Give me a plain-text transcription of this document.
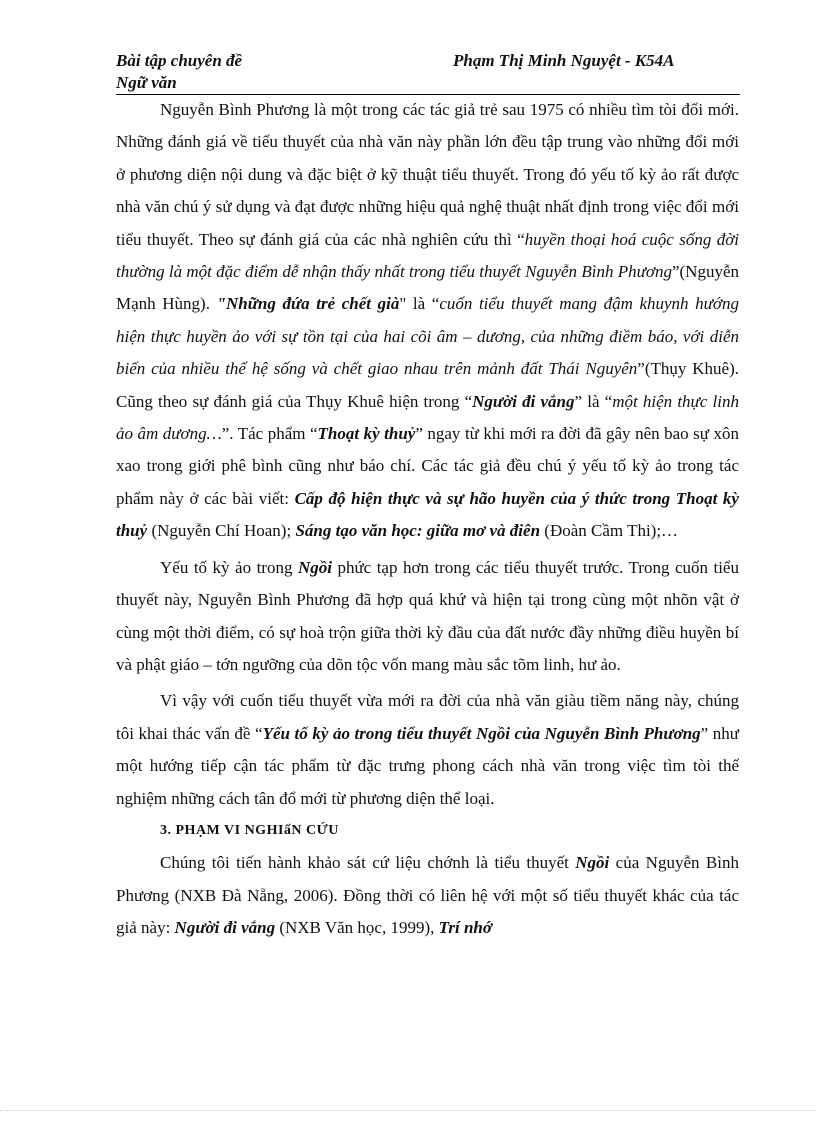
Bài tập chuyên đề	Phạm Thị Minh Nguyệt - K54A
Ngữ văn

Nguyễn Bình Phương là một trong các tác giả trẻ sau 1975 có nhiều tìm tòi đổi mới. Những đánh giá về tiểu thuyết của nhà văn này phần lớn đều tập trung vào những đổi mới ở phương diện nội dung và đặc biệt ở kỹ thuật tiểu thuyết. Trong đó yếu tố kỳ ảo rất được nhà văn chú ý sử dụng và đạt được những hiệu quả nghệ thuật nhất định trong việc đổi mới tiểu thuyết. Theo sự đánh giá của các nhà nghiên cứu thì “huyền thoại hoá cuộc sống đời thường là một đặc điểm dễ nhận thấy nhất trong tiểu thuyết Nguyễn Bình Phương”(Nguyễn Mạnh Hùng). "Những đứa trẻ chết già" là “cuốn tiểu thuyết mang đậm khuynh hướng hiện thực huyền ảo với sự tồn tại của hai cõi âm – dương, của những điềm báo, với diễn biến của nhiều thế hệ sống và chết giao nhau trên mảnh đất Thái Nguyên”(Thụy Khuê). Cũng theo sự đánh giá của Thụy Khuê hiện trong “Người đi vắng” là “một hiện thực linh ảo âm dương…”. Tác phẩm “Thoạt kỳ thuỷ” ngay từ khi mới ra đời đã gây nên bao sự xôn xao trong giới phê bình cũng như báo chí. Các tác giả đều chú ý yếu tố kỳ ảo trong tác phẩm này ở các bài viết: Cấp độ hiện thực và sự hão huyền của ý thức trong Thoạt kỳ thuỷ (Nguyễn Chí Hoan); Sáng tạo văn học: giữa mơ và điên (Đoàn Cầm Thi);…

Yếu tố kỳ ảo trong Ngồi phức tạp hơn trong các tiểu thuyết trước. Trong cuốn tiểu thuyết này, Nguyễn Bình Phương đã hợp quá khứ và hiện tại trong cùng một nhõn vật ở cùng một thời điểm, có sự hoà trộn giữa thời kỳ đầu của đất nước đầy những điều huyền bí và phật giáo – tớn ngưỡng của dõn tộc vốn mang màu sắc tõm linh, hư ảo.

Vì vậy với cuốn tiểu thuyết vừa mới ra đời của nhà văn giàu tiềm năng này, chúng tôi khai thác vấn đề “Yếu tố kỳ ảo trong tiểu thuyết Ngồi của Nguyễn Bình Phương” như một hướng tiếp cận tác phẩm từ đặc trưng phong cách nhà văn trong việc tìm tòi thể nghiệm những cách tân đổ mới từ phương diện thể loại.

3. PHẠM VI NGHIấN CỨU

Chúng tôi tiến hành khảo sát cứ liệu chớnh là tiểu thuyết Ngồi của Nguyễn Bình Phương (NXB Đà Nẵng, 2006). Đồng thời có liên hệ với một số tiểu thuyết khác của tác giả này: Người đi vắng (NXB Văn học, 1999), Trí nhớ
